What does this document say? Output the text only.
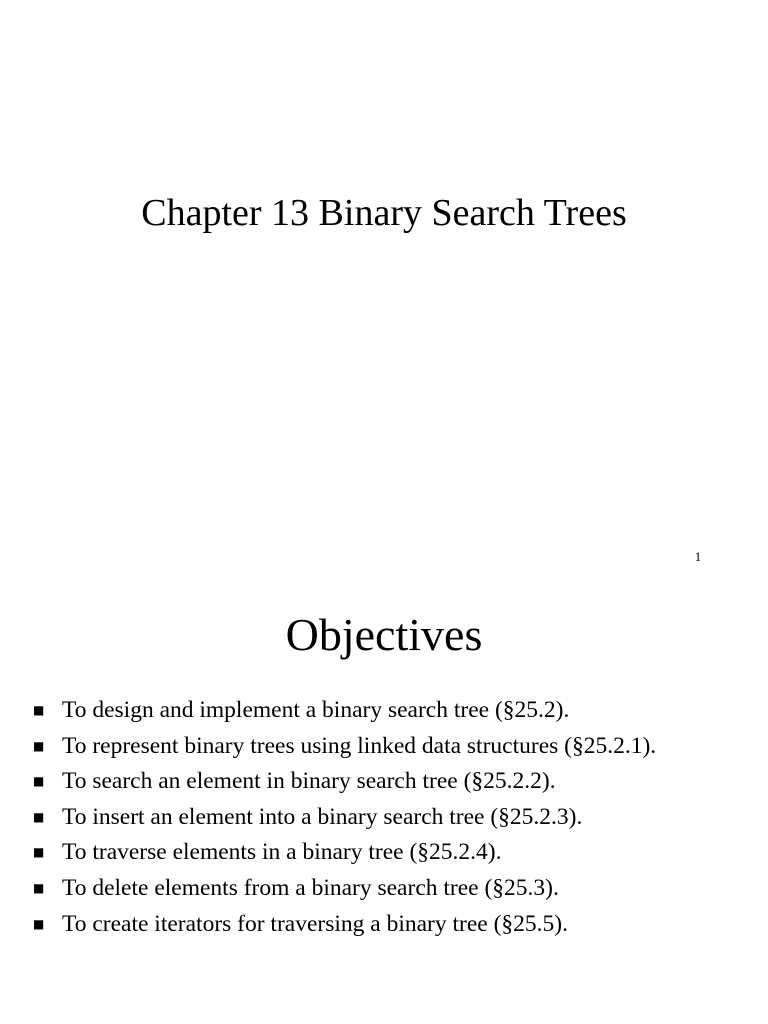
Chapter 13 Binary Search Trees
1
Objectives
■ To design and implement a binary search tree (§25.2).
■ To represent binary trees using linked data structures (§25.2.1).
■ To search an element in binary search tree (§25.2.2).
■ To insert an element into a binary search tree (§25.2.3).
■ To traverse elements in a binary tree (§25.2.4).
■ To delete elements from a binary search tree (§25.3).
■ To create iterators for traversing a binary tree (§25.5).
